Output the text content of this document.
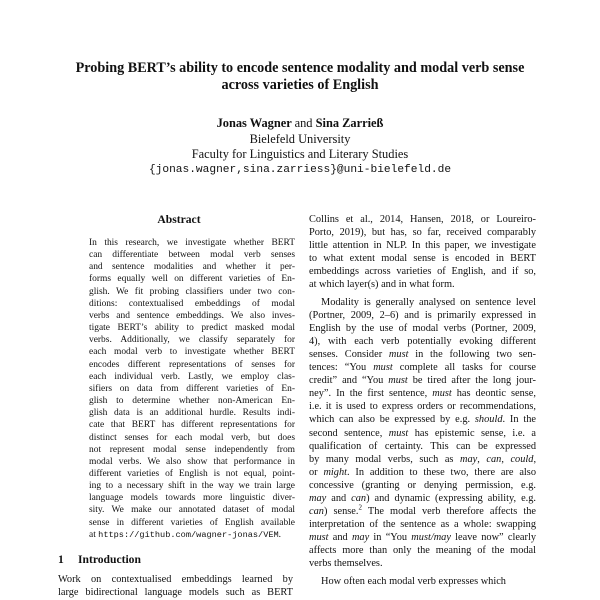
Probing BERT’s ability to encode sentence modality and modal verb sense
across varieties of English
Jonas Wagner and Sina Zarrieß
Bielefeld University
Faculty for Linguistics and Literary Studies
{jonas.wagner,sina.zarriess}@uni-bielefeld.de
Abstract
In this research, we investigate whether BERT
can differentiate between modal verb senses
and sentence modalities and whether it per-
forms equally well on different varieties of En-
glish. We fit probing classifiers under two con-
ditions: contextualised embeddings of modal
verbs and sentence embeddings. We also inves-
tigate BERT’s ability to predict masked modal
verbs. Additionally, we classify separately for
each modal verb to investigate whether BERT
encodes different representations of senses for
each individual verb. Lastly, we employ clas-
sifiers on data from different varieties of En-
glish to determine whether non-American En-
glish data is an additional hurdle. Results indi-
cate that BERT has different representations for
distinct senses for each modal verb, but does
not represent modal sense independently from
modal verbs. We also show that performance in
different varieties of English is not equal, point-
ing to a necessary shift in the way we train large
language models towards more linguistic diver-
sity. We make our annotated dataset of modal
sense in different varieties of English available
at https://github.com/wagner-jonas/VEM.
1 Introduction
Work on contextualised embeddings learned by
large bidirectional language models such as BERT
Collins et al., 2014, Hansen, 2018, or Loureiro-
Porto, 2019), but has, so far, received comparably
little attention in NLP. In this paper, we investigate
to what extent modal sense is encoded in BERT
embeddings across varieties of English, and if so,
at which layer(s) and in what form.
Modality is generally analysed on sentence level
(Portner, 2009, 2–6) and is primarily expressed in
English by the use of modal verbs (Portner, 2009,
4), with each verb potentially evoking different
senses. Consider must in the following two sen-
tences: “You must complete all tasks for course
credit” and “You must be tired after the long jour-
ney”. In the first sentence, must has deontic sense,
i.e. it is used to express orders or recommendations,
which can also be expressed by e.g. should. In the
second sentence, must has epistemic sense, i.e. a
qualification of certainty. This can be expressed
by many modal verbs, such as may, can, could,
or might. In addition to these two, there are also
concessive (granting or denying permission, e.g.
may and can) and dynamic (expressing ability, e.g.
can) sense.$^2$ The modal verb therefore affects the
interpretation of the sentence as a whole: swapping
must and may in “You must/may leave now” clearly
affects more than only the meaning of the modal
verbs themselves.
How often each modal verb expresses which
